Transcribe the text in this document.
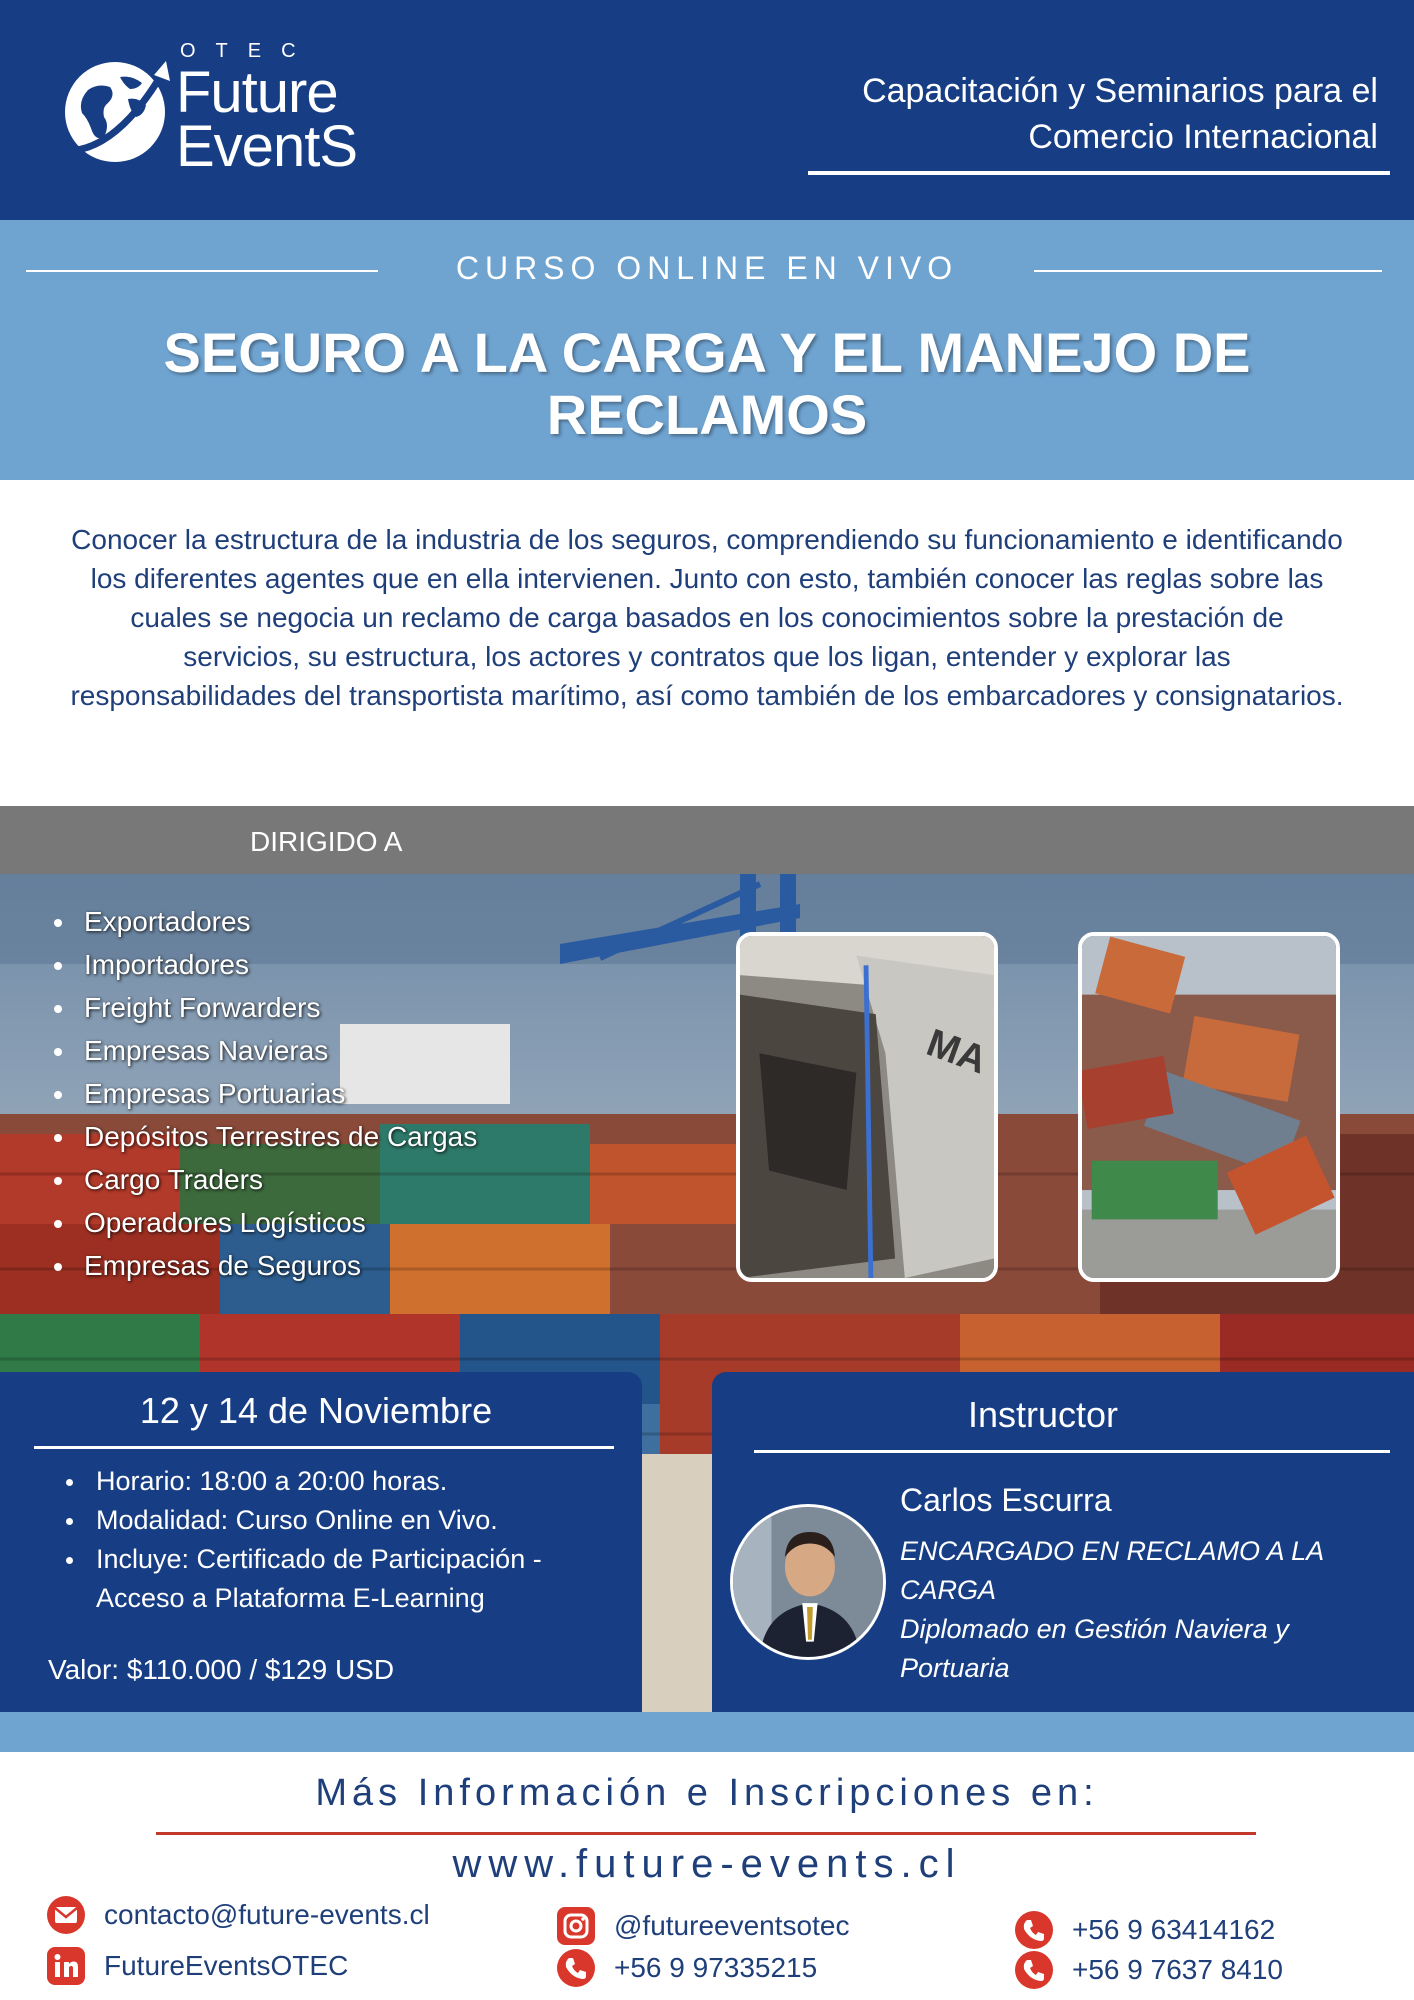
OTEC
Future
EventS
Capacitación y Seminarios para el Comercio Internacional
CURSO ONLINE EN VIVO
SEGURO A LA CARGA Y EL MANEJO DE RECLAMOS
Conocer la estructura de la industria de los seguros, comprendiendo su funcionamiento e identificando los diferentes agentes que en ella intervienen. Junto con esto, también conocer las reglas sobre las cuales se negocia un reclamo de carga basados en los conocimientos sobre la prestación de servicios, su estructura, los actores y contratos que los ligan, entender y explorar las responsabilidades del transportista marítimo, así como también de los embarcadores y consignatarios.
DIRIGIDO A
Exportadores
Importadores
Freight Forwarders
Empresas Navieras
Empresas Portuarias
Depósitos Terrestres de Cargas
Cargo Traders
Operadores Logísticos
Empresas de Seguros
MA
12 y 14 de Noviembre
Horario: 18:00 a 20:00 horas.
Modalidad: Curso Online en Vivo.
Incluye: Certificado de Participación - Acceso a Plataforma E-Learning
Valor: $110.000 / $129 USD
Instructor
Carlos Escurra
ENCARGADO EN RECLAMO A LA CARGA
Diplomado en Gestión Naviera y Portuaria
Más Información e Inscripciones en:
www.future-events.cl
contacto@future-events.cl
FutureEventsOTEC
@futureeventsotec
+56 9 97335215
+56 9 63414162
+56 9 7637 8410
